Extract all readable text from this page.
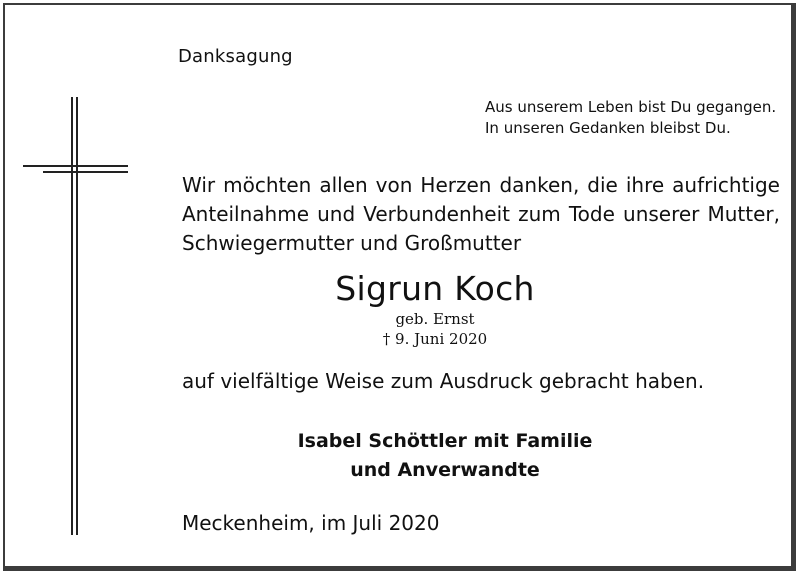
Danksagung
Aus unserem Leben bist Du gegangen.
In unseren Gedanken bleibst Du.
Wir möchten allen von Herzen danken, die ihre aufrichtige Anteilnahme und Verbundenheit zum Tode unserer Mutter, Schwiegermutter und Großmutter
Sigrun Koch
geb. Ernst
† 9. Juni 2020
auf vielfältige Weise zum Ausdruck gebracht haben.
Isabel Schöttler mit Familie
und Anverwandte
Meckenheim, im Juli 2020
